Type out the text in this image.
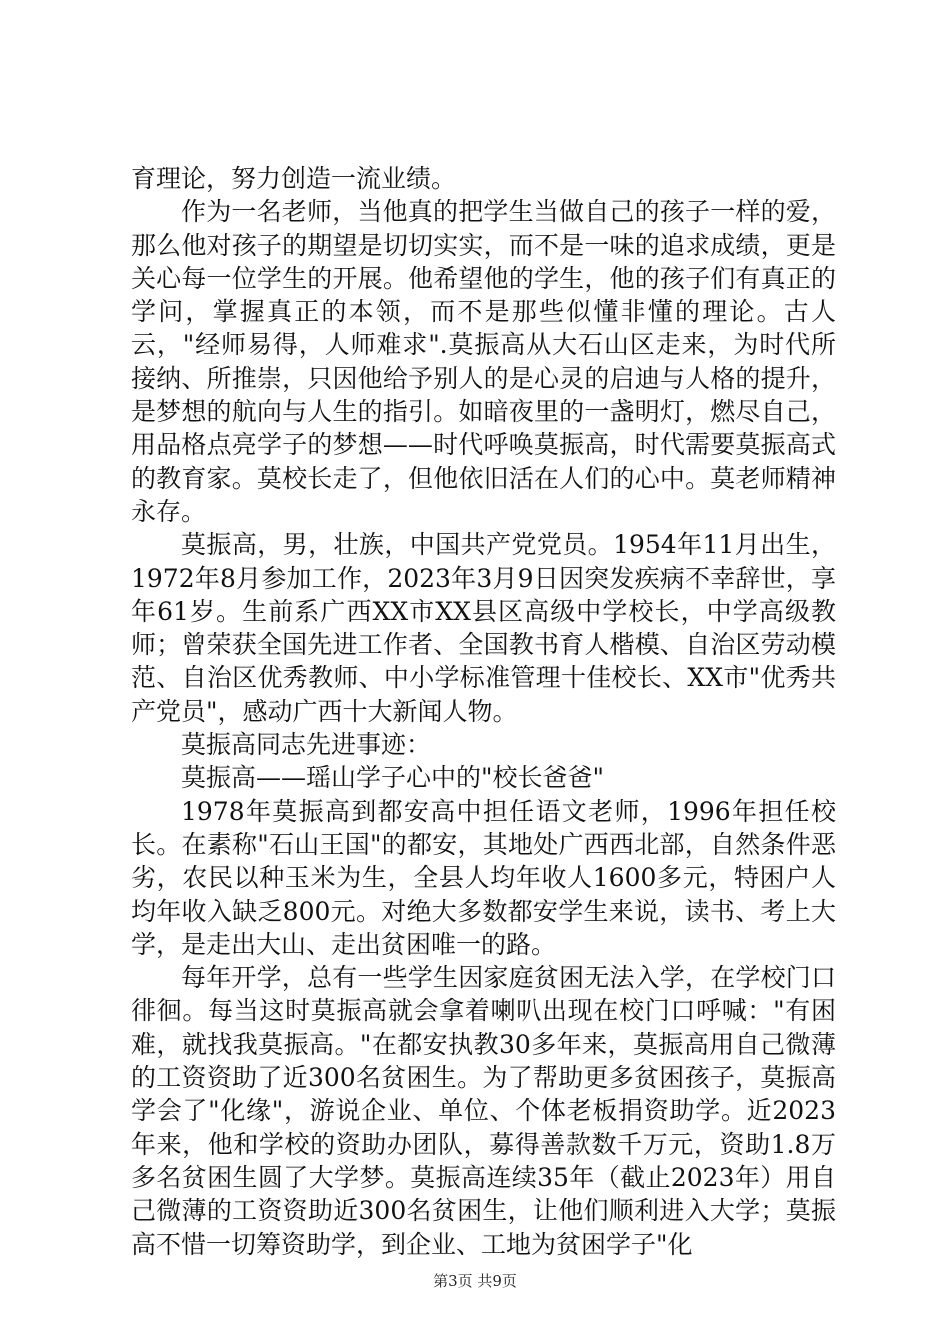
育理论，努力创造一流业绩。

作为一名老师，当他真的把学生当做自己的孩子一样的爱，那么他对孩子的期望是切切实实，而不是一味的追求成绩，更是关心每一位学生的开展。他希望他的学生，他的孩子们有真正的学问，掌握真正的本领，而不是那些似懂非懂的理论。古人云，"经师易得，人师难求".莫振高从大石山区走来，为时代所接纳、所推崇，只因他给予别人的是心灵的启迪与人格的提升，是梦想的航向与人生的指引。如暗夜里的一盏明灯，燃尽自己，用品格点亮学子的梦想——时代呼唤莫振高，时代需要莫振高式的教育家。莫校长走了，但他依旧活在人们的心中。莫老师精神永存。

莫振高，男，壮族，中国共产党党员。1954年11月出生，1972年8月参加工作，2023年3月9日因突发疾病不幸辞世，享年61岁。生前系广西XX市XX县区高级中学校长，中学高级教师；曾荣获全国先进工作者、全国教书育人楷模、自治区劳动模范、自治区优秀教师、中小学标准管理十佳校长、XX市"优秀共产党员"，感动广西十大新闻人物。

莫振高同志先进事迹：

莫振高——瑶山学子心中的"校长爸爸"

1978年莫振高到都安高中担任语文老师，1996年担任校长。在素称"石山王国"的都安，其地处广西西北部，自然条件恶劣，农民以种玉米为生，全县人均年收人1600多元，特困户人均年收入缺乏800元。对绝大多数都安学生来说，读书、考上大学，是走出大山、走出贫困唯一的路。

每年开学，总有一些学生因家庭贫困无法入学，在学校门口徘徊。每当这时莫振高就会拿着喇叭出现在校门口呼喊："有困难，就找我莫振高。"在都安执教30多年来，莫振高用自己微薄的工资资助了近300名贫困生。为了帮助更多贫困孩子，莫振高学会了"化缘"，游说企业、单位、个体老板捐资助学。近2023年来，他和学校的资助办团队，募得善款数千万元，资助1.8万多名贫困生圆了大学梦。莫振高连续35年（截止2023年）用自己微薄的工资资助近300名贫困生，让他们顺利进入大学；莫振高不惜一切筹资助学，到企业、工地为贫困学子"化

第3页 共9页
